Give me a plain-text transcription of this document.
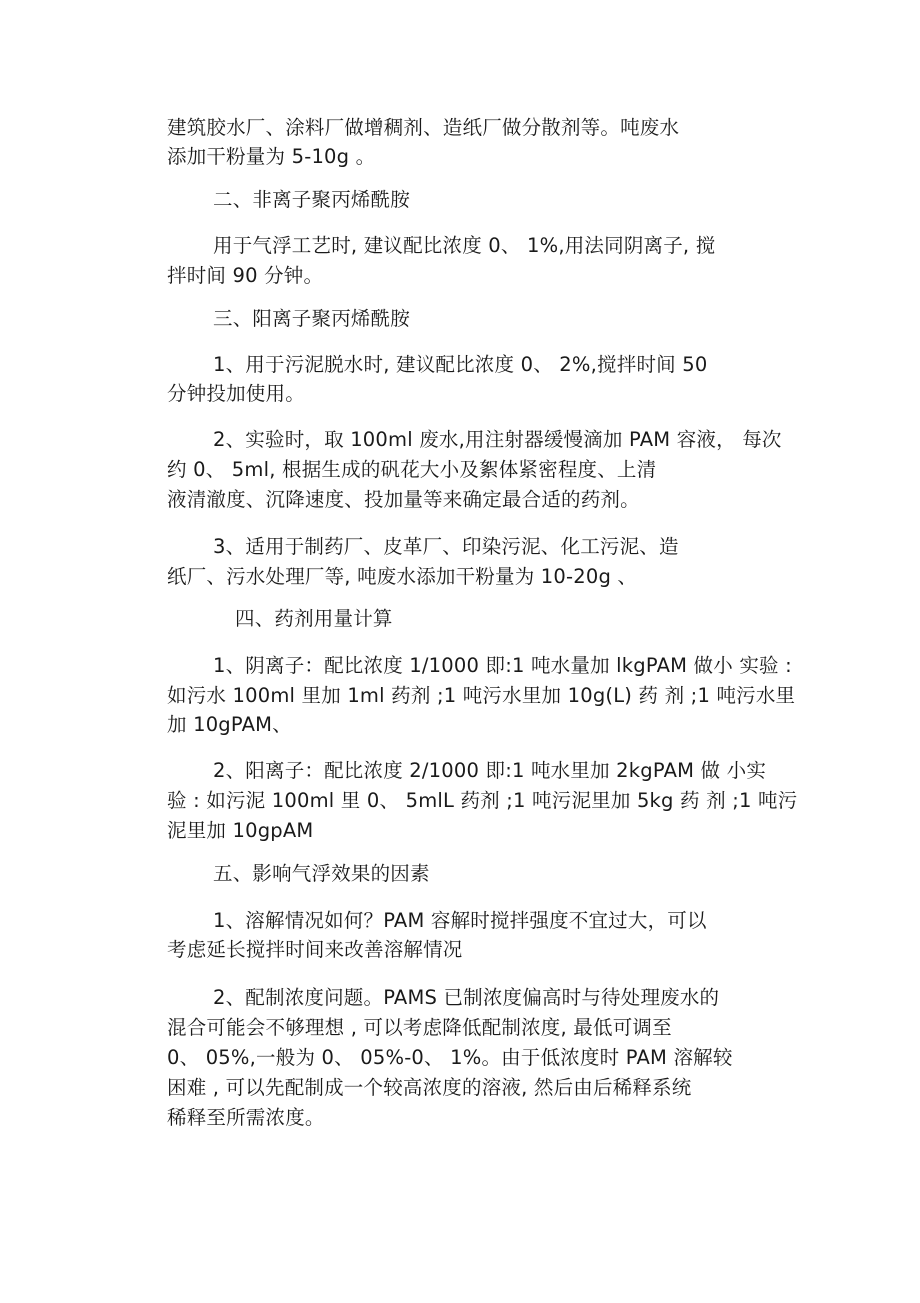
建筑胶水厂、涂料厂做增稠剂、造纸厂做分散剂等。吨废水
添加干粉量为 5-10g 。
二、非离子聚丙烯酰胺
用于气浮工艺时, 建议配比浓度 0、 1%,用法同阴离子, 搅
拌时间 90 分钟。
三、阳离子聚丙烯酰胺
1、用于污泥脱水时, 建议配比浓度 0、 2%,搅拌时间 50
分钟投加使用。
2、实验时，取 100ml 废水,用注射器缓慢滴加 PAM 容液， 每次
约 0、 5ml, 根据生成的矾花大小及絮体紧密程度、上清
液清澈度、沉降速度、投加量等来确定最合适的药剂。
3、适用于制药厂、皮革厂、印染污泥、化工污泥、造
纸厂、污水处理厂等, 吨废水添加干粉量为 10-20g 、
四、药剂用量计算
1、阴离子：配比浓度 1/1000 即:1 吨水量加 lkgPAM 做小 实验 :
如污水 100ml 里加 1ml 药剂 ;1 吨污水里加 10g(L) 药 剂 ;1 吨污水里
加 10gPAM、
2、阳离子：配比浓度 2/1000 即:1 吨水里加 2kgPAM 做 小实
验 : 如污泥 100ml 里 0、 5mlL 药剂 ;1 吨污泥里加 5kg 药 剂 ;1 吨污
泥里加 10gpAM
五、影响气浮效果的因素
1、溶解情况如何？PAM 容解时搅拌强度不宜过大，可以
考虑延长搅拌时间来改善溶解情况
2、配制浓度问题。PAMS 已制浓度偏高时与待处理废水的
混合可能会不够理想 , 可以考虑降低配制浓度, 最低可调至
0、 05%,一般为 0、 05%-0、 1%。由于低浓度时 PAM 溶解较
困难 , 可以先配制成一个较高浓度的溶液, 然后由后稀释系统
稀释至所需浓度。
